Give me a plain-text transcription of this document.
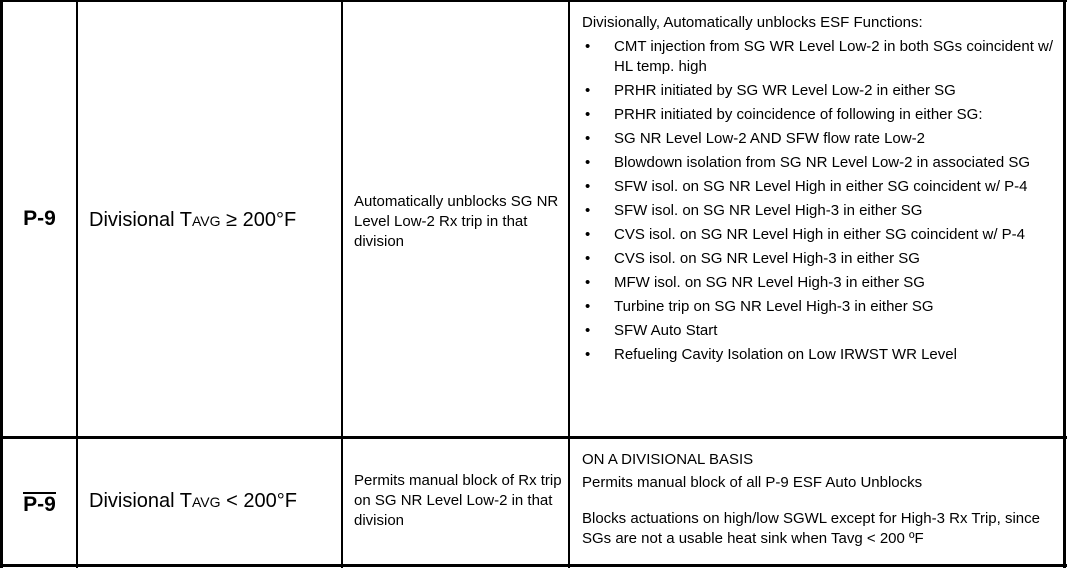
P-9	Divisional TAVG ≥ 200°F
Automatically unblocks SG NR Level Low-2 Rx trip in that division
Divisionally, Automatically unblocks ESF Functions:
• CMT injection from SG WR Level Low-2 in both SGs coincident w/ HL temp. high
• PRHR initiated by SG WR Level Low-2 in either SG
• PRHR initiated by coincidence of following in either SG:
• SG NR Level Low-2 AND SFW flow rate Low-2
• Blowdown isolation from SG NR Level Low-2 in associated SG
• SFW isol. on SG NR Level High in either SG coincident w/ P-4
• SFW isol. on SG NR Level High-3 in either SG
• CVS isol. on SG NR Level High in either SG coincident w/ P-4
• CVS isol. on SG NR Level High-3 in either SG
• MFW isol. on SG NR Level High-3 in either SG
• Turbine trip on SG NR Level High-3 in either SG
• SFW Auto Start
• Refueling Cavity Isolation on Low IRWST WR Level
P-9	Divisional TAVG < 200°F
Permits manual block of Rx trip on SG NR Level Low-2 in that division
ON A DIVISIONAL BASIS
Permits manual block of all P-9 ESF Auto Unblocks
Blocks actuations on high/low SGWL except for High-3 Rx Trip, since SGs are not a usable heat sink when Tavg < 200 ºF
